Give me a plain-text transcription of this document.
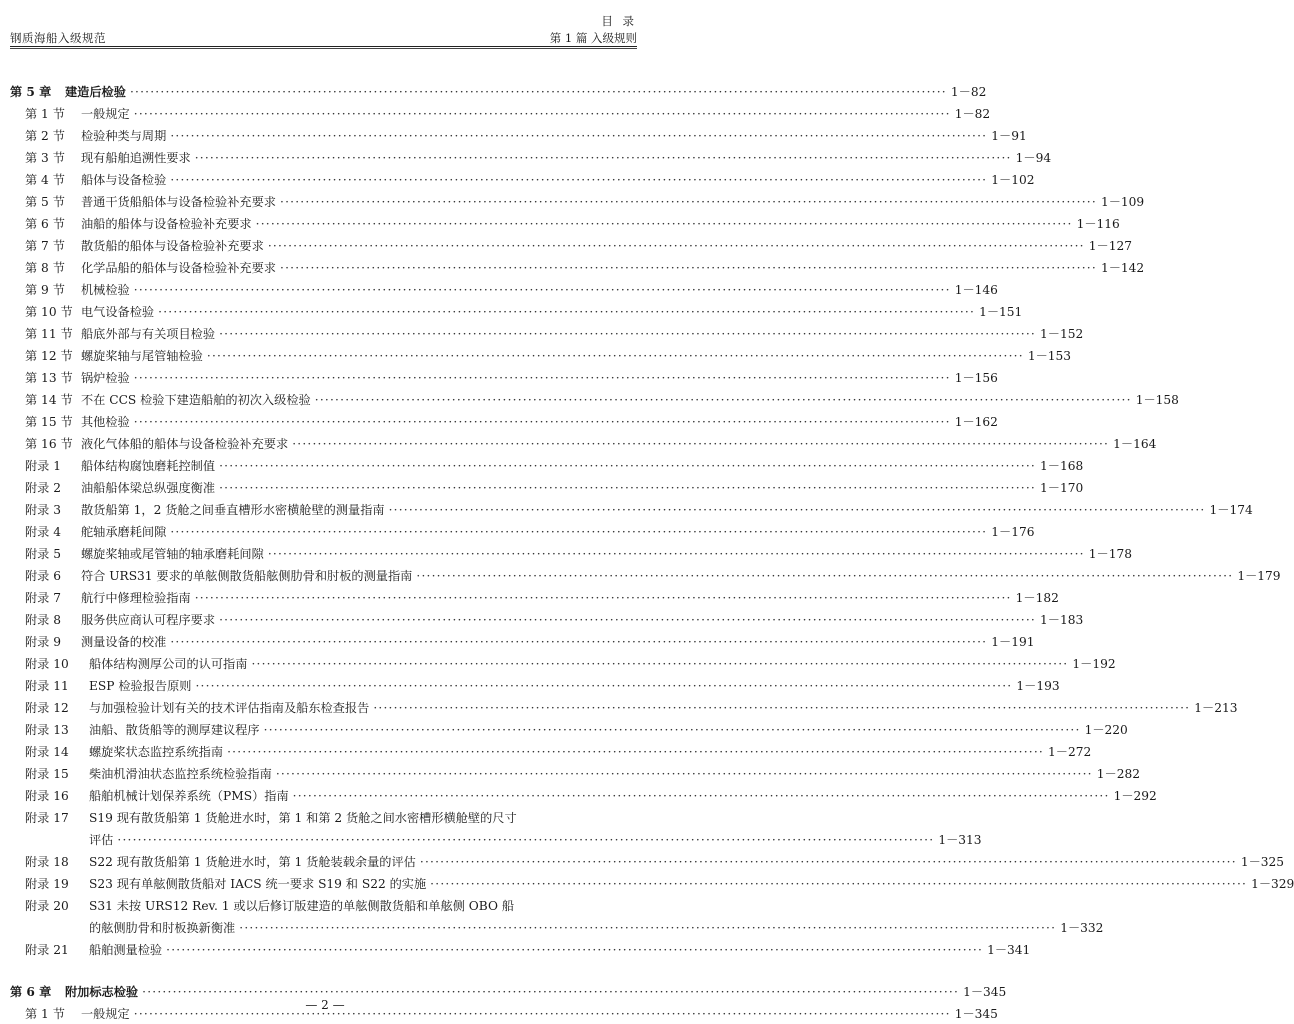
钢质海船入级规范
目 录
第 1 篇 入级规则
第 5 章	建造后检验 ·····	1－82
第 1 节	一般规定 ·····	1－82
第 2 节	检验种类与周期 ·····	1－91
第 3 节	现有船舶追溯性要求 ·····	1－94
第 4 节	船体与设备检验 ·····	1－102
第 5 节	普通干货船船体与设备检验补充要求 ·····	1－109
第 6 节	油船的船体与设备检验补充要求 ·····	1－116
第 7 节	散货船的船体与设备检验补充要求 ·····	1－127
第 8 节	化学品船的船体与设备检验补充要求 ·····	1－142
第 9 节	机械检验 ·····	1－146
第 10 节 电气设备检验 ·····	1－151
第 11 节 船底外部与有关项目检验 ·····	1－152
第 12 节 螺旋桨轴与尾管轴检验 ·····	1－153
第 13 节 锅炉检验 ·····	1－156
第 14 节 不在 CCS 检验下建造船舶的初次入级检验 ·····	1－158
第 15 节 其他检验 ·····	1－162
第 16 节 液化气体船的船体与设备检验补充要求 ·····	1－164
附录 1	船体结构腐蚀磨耗控制值 ·····	1－168
附录 2	油船船体梁总纵强度衡准 ·····	1－170
附录 3	散货船第 1，2 货舱之间垂直槽形水密横舱壁的测量指南 ·····	1－174
附录 4	舵轴承磨耗间隙 ·····	1－176
附录 5	螺旋桨轴或尾管轴的轴承磨耗间隙 ·····	1－178
附录 6	符合 URS31 要求的单舷侧散货船舷侧肋骨和肘板的测量指南 ·····	1－179
附录 7	航行中修理检验指南 ·····	1－182
附录 8	服务供应商认可程序要求 ·····	1－183
附录 9	测量设备的校准 ·····	1－191
附录 10	船体结构测厚公司的认可指南 ·····	1－192
附录 11	ESP 检验报告原则 ·····	1－193
附录 12	与加强检验计划有关的技术评估指南及船东检查报告 ·····	1－213
附录 13	油船、散货船等的测厚建议程序 ·····	1－220
附录 14	螺旋桨状态监控系统指南 ·····	1－272
附录 15	柴油机滑油状态监控系统检验指南 ·····	1－282
附录 16	船舶机械计划保养系统（PMS）指南 ·····	1－292
附录 17	S19 现有散货船第 1 货舱进水时，第 1 和第 2 货舱之间水密槽形横舱壁的尺寸
评估 ·····	1－313
附录 18	S22 现有散货船第 1 货舱进水时，第 1 货舱装载余量的评估 ·····	1－325
附录 19	S23 现有单舷侧散货船对 IACS 统一要求 S19 和 S22 的实施 ·····	1－329
附录 20	S31 未按 URS12 Rev. 1 或以后修订版建造的单舷侧散货船和单舷侧 OBO 船
的舷侧肋骨和肘板换新衡准 ·····	1－332
附录 21	船舶测量检验 ·····	1－341
第 6 章	附加标志检验 ·····	1－345
第 1 节	一般规定 ·····	1－345
— 2 —
